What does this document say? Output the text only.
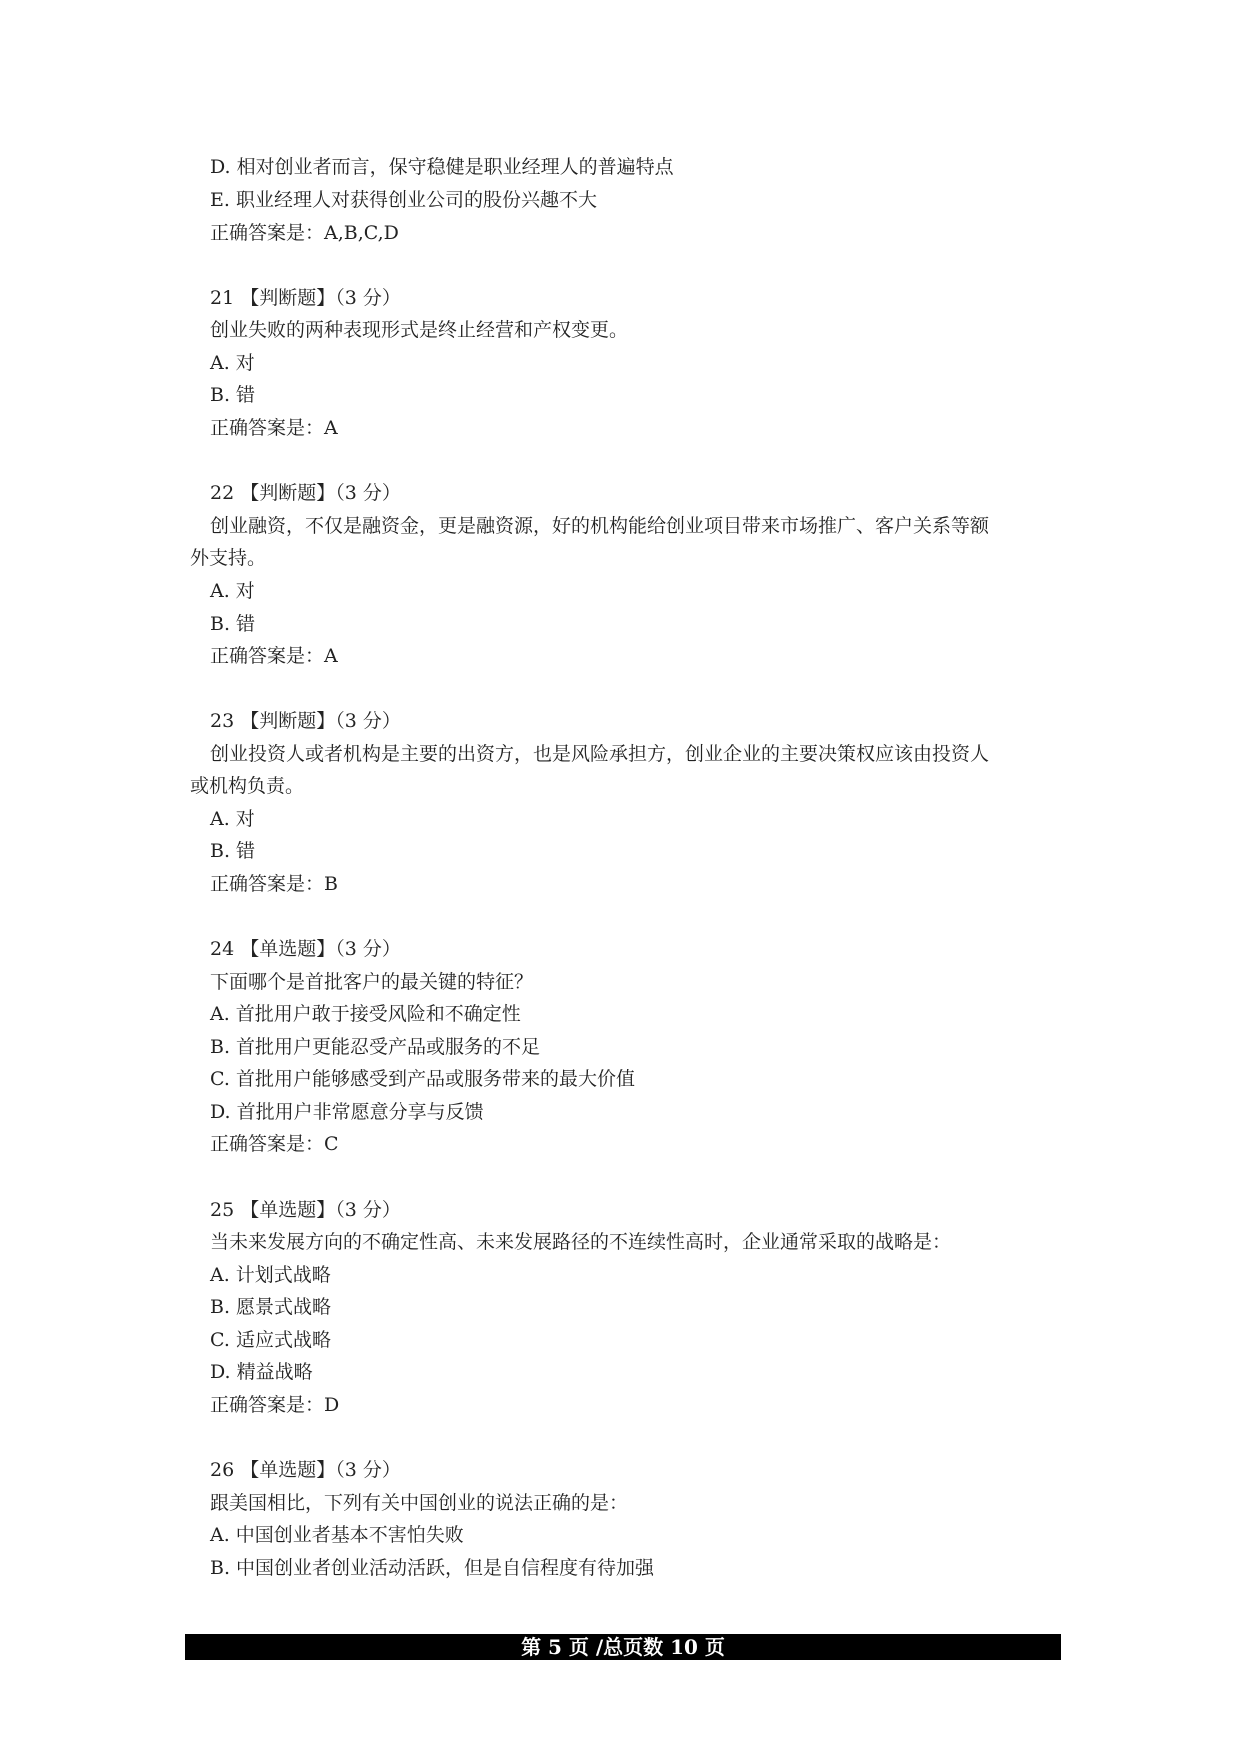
D. 相对创业者而言，保守稳健是职业经理人的普遍特点
E. 职业经理人对获得创业公司的股份兴趣不大
正确答案是：A,B,C,D
21 【判断题】（3 分）
创业失败的两种表现形式是终止经营和产权变更。
A. 对
B. 错
正确答案是：A
22 【判断题】（3 分）
创业融资，不仅是融资金，更是融资源，好的机构能给创业项目带来市场推广、客户关系等额
外支持。
A. 对
B. 错
正确答案是：A
23 【判断题】（3 分）
创业投资人或者机构是主要的出资方，也是风险承担方，创业企业的主要决策权应该由投资人
或机构负责。
A. 对
B. 错
正确答案是：B
24 【单选题】（3 分）
下面哪个是首批客户的最关键的特征？
A. 首批用户敢于接受风险和不确定性
B. 首批用户更能忍受产品或服务的不足
C. 首批用户能够感受到产品或服务带来的最大价值
D. 首批用户非常愿意分享与反馈
正确答案是：C
25 【单选题】（3 分）
当未来发展方向的不确定性高、未来发展路径的不连续性高时，企业通常采取的战略是：
A. 计划式战略
B. 愿景式战略
C. 适应式战略
D. 精益战略
正确答案是：D
26 【单选题】（3 分）
跟美国相比，下列有关中国创业的说法正确的是：
A. 中国创业者基本不害怕失败
B. 中国创业者创业活动活跃，但是自信程度有待加强
第 5 页 /总页数 10 页
